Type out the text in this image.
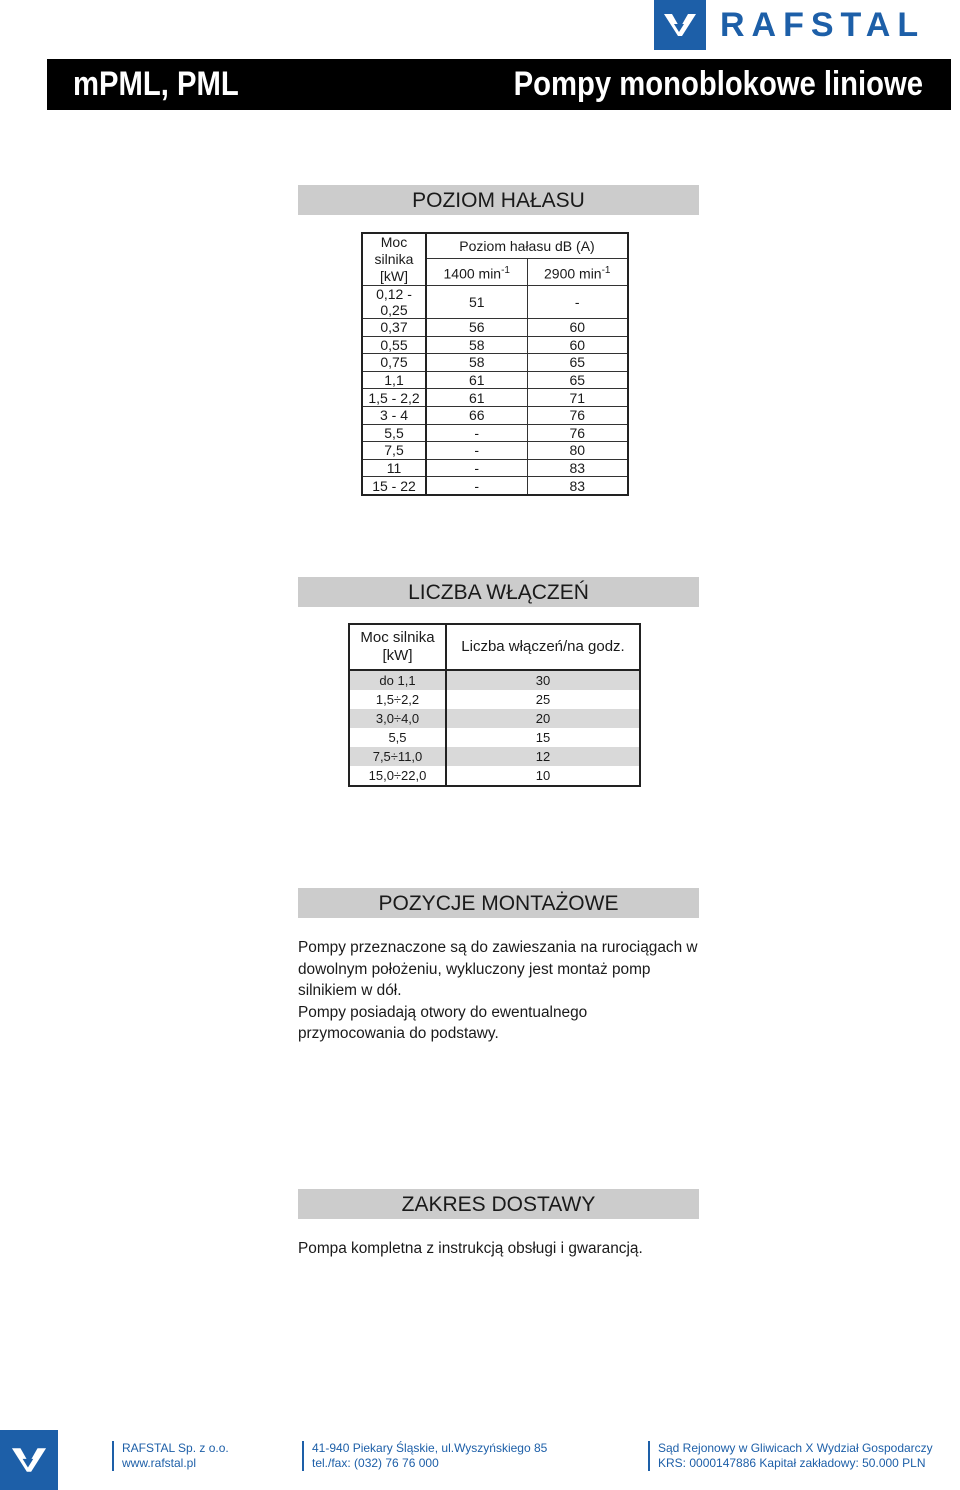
RAFSTAL
mPML, PML	Pompy monoblokowe liniowe
POZIOM HAŁASU
Moc silnika [kW]	Poziom hałasu dB (A)	
	1400 $\min^{-1}$	2900 $\min^{-1}$
0,12 - 0,25	51	-
0,37	56	60
0,55	58	60
0,75	58	65
1,1	61	65
1,5 - 2,2	61	71
3 - 4	66	76
5,5	-	76
7,5	-	80
11	-	83
15 - 22	-	83
LICZBA WŁĄCZEŃ
Moc silnika [kW]	Liczba włączeń/na godz.
do 1,1	30
1,5÷2,2	25
3,0÷4,0	20
5,5	15
7,5÷11,0	12
15,0÷22,0	10
POZYCJE MONTAŻOWE

Pompy przeznaczone są do zawieszania na rurociągach w dowolnym położeniu, wykluczony jest montaż pomp silnikiem w dół.

Pompy posiadają otwory do ewentualnego przymocowania do podstawy.

ZAKRES DOSTAWY

Pompa kompletna z instrukcją obsługi i gwarancją.

RAFSTAL Sp. z o.o.
www.rafstal.pl
41-940 Piekary Śląskie, ul.Wyszyńskiego 85
tel./fax: (032) 76 76 000
Sąd Rejonowy w Gliwicach X Wydział Gospodarczy
KRS: 0000147886 Kapitał zakładowy: 50.000 PLN
